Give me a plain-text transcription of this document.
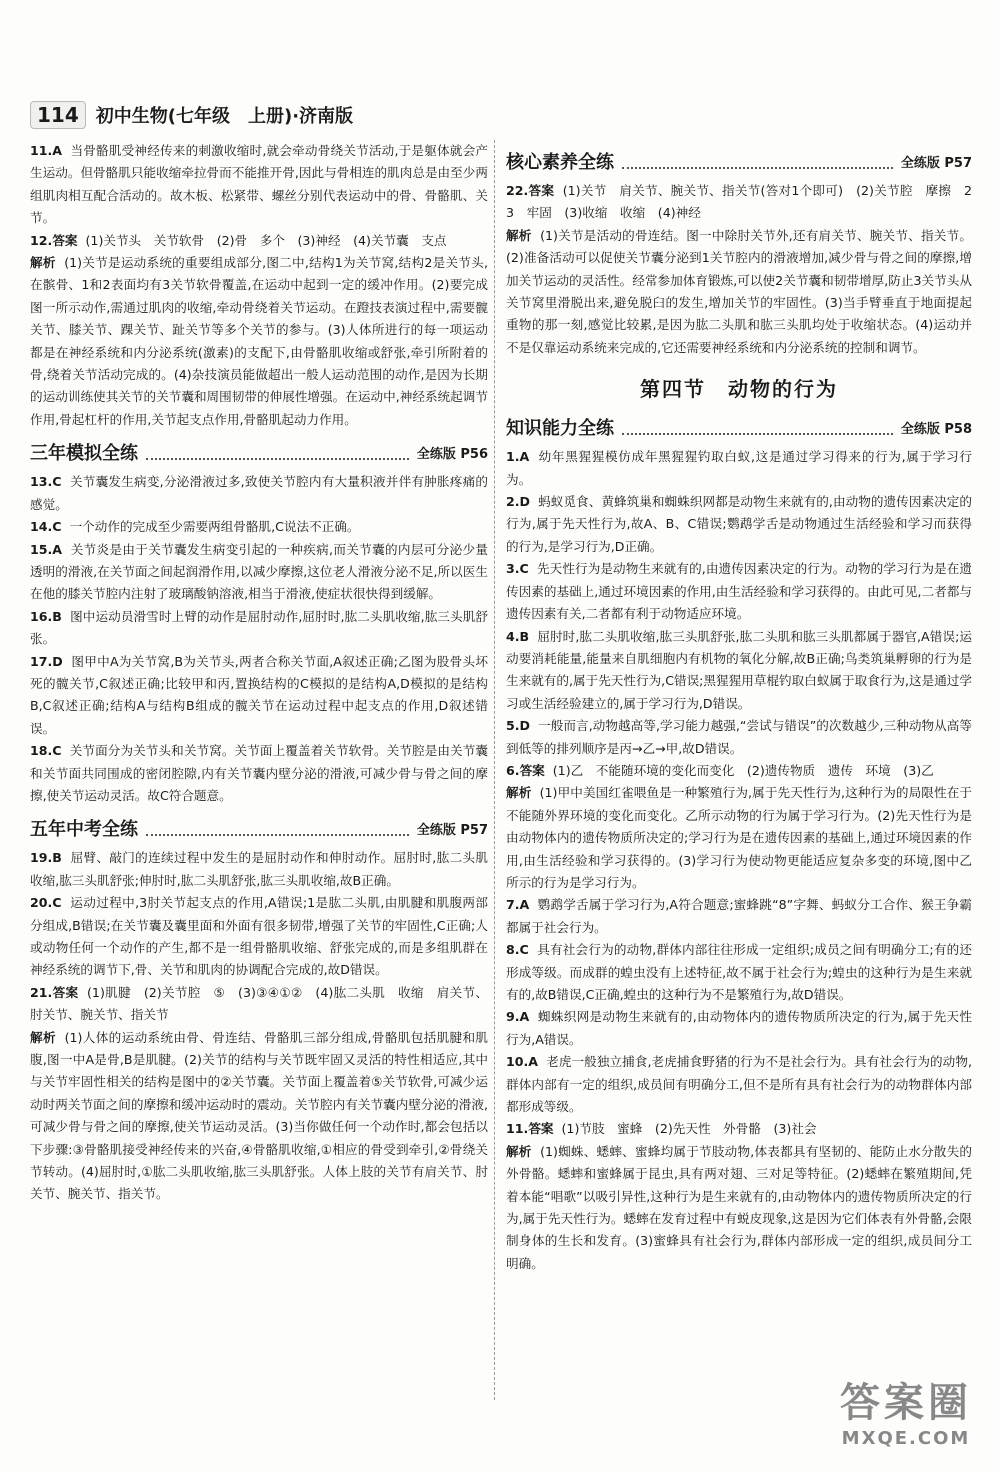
114 初中生物(七年级　上册)·济南版

11.A 当骨骼肌受神经传来的刺激收缩时,就会牵动骨绕关节活动,于是躯体就会产生运动。但骨骼肌只能收缩牵拉骨而不能推开骨,因此与骨相连的肌肉总是由至少两组肌肉相互配合活动的。故木板、松紧带、螺丝分别代表运动中的骨、骨骼肌、关节。

12.答案 (1)关节头　关节软骨　(2)骨　多个　(3)神经　(4)关节囊　支点

解析 (1)关节是运动系统的重要组成部分,图二中,结构1为关节窝,结构2是关节头,在髌骨、1和2表面均有3关节软骨覆盖,在运动中起到一定的缓冲作用。(2)要完成图一所示动作,需通过肌肉的收缩,牵动骨绕着关节运动。在蹬技表演过程中,需要髋关节、膝关节、踝关节、趾关节等多个关节的参与。(3)人体所进行的每一项运动都是在神经系统和内分泌系统(激素)的支配下,由骨骼肌收缩或舒张,牵引所附着的骨,绕着关节活动完成的。(4)杂技演员能做超出一般人运动范围的动作,是因为长期的运动训练使其关节的关节囊和周围韧带的伸展性增强。在运动中,神经系统起调节作用,骨起杠杆的作用,关节起支点作用,骨骼肌起动力作用。

三年模拟全练	全练版 P56

13.C 关节囊发生病变,分泌滑液过多,致使关节腔内有大量积液并伴有肿胀疼痛的感觉。

14.C 一个动作的完成至少需要两组骨骼肌,C说法不正确。

15.A 关节炎是由于关节囊发生病变引起的一种疾病,而关节囊的内层可分泌少量透明的滑液,在关节面之间起润滑作用,以减少摩擦,这位老人滑液分泌不足,所以医生在他的膝关节腔内注射了玻璃酸钠溶液,相当于滑液,使症状很快得到缓解。

16.B 图中运动员滑雪时上臂的动作是屈肘动作,屈肘时,肱二头肌收缩,肱三头肌舒张。

17.D 图甲中A为关节窝,B为关节头,两者合称关节面,A叙述正确;乙图为股骨头坏死的髋关节,C叙述正确;比较甲和丙,置换结构的C模拟的是结构A,D模拟的是结构B,C叙述正确;结构A与结构B组成的髋关节在运动过程中起支点的作用,D叙述错误。

18.C 关节面分为关节头和关节窝。关节面上覆盖着关节软骨。关节腔是由关节囊和关节面共同围成的密闭腔隙,内有关节囊内壁分泌的滑液,可减少骨与骨之间的摩擦,使关节运动灵活。故C符合题意。

五年中考全练	全练版 P57

19.B 屈臂、敲门的连续过程中发生的是屈肘动作和伸肘动作。屈肘时,肱二头肌收缩,肱三头肌舒张;伸肘时,肱二头肌舒张,肱三头肌收缩,故B正确。

20.C 运动过程中,3肘关节起支点的作用,A错误;1是肱二头肌,由肌腱和肌腹两部分组成,B错误;在关节囊及囊里面和外面有很多韧带,增强了关节的牢固性,C正确;人或动物任何一个动作的产生,都不是一组骨骼肌收缩、舒张完成的,而是多组肌群在神经系统的调节下,骨、关节和肌肉的协调配合完成的,故D错误。

21.答案 (1)肌腱　(2)关节腔　⑤　(3)③④①②　(4)肱二头肌　收缩　肩关节、肘关节、腕关节、指关节

解析 (1)人体的运动系统由骨、骨连结、骨骼肌三部分组成,骨骼肌包括肌腱和肌腹,图一中A是骨,B是肌腱。(2)关节的结构与关节既牢固又灵活的特性相适应,其中与关节牢固性相关的结构是图中的②关节囊。关节面上覆盖着⑤关节软骨,可减少运动时两关节面之间的摩擦和缓冲运动时的震动。关节腔内有关节囊内壁分泌的滑液,可减少骨与骨之间的摩擦,使关节运动灵活。(3)当你做任何一个动作时,都会包括以下步骤:③骨骼肌接受神经传来的兴奋,④骨骼肌收缩,①相应的骨受到牵引,②骨绕关节转动。(4)屈肘时,①肱二头肌收缩,肱三头肌舒张。人体上肢的关节有肩关节、肘关节、腕关节、指关节。

核心素养全练	全练版 P57

22.答案 (1)关节　肩关节、腕关节、指关节(答对1个即可)　(2)关节腔　摩擦　2　3　牢固　(3)收缩　收缩　(4)神经

解析 (1)关节是活动的骨连结。图一中除肘关节外,还有肩关节、腕关节、指关节。(2)准备活动可以促使关节囊分泌到1关节腔内的滑液增加,减少骨与骨之间的摩擦,增加关节运动的灵活性。经常参加体育锻炼,可以使2关节囊和韧带增厚,防止3关节头从关节窝里滑脱出来,避免脱臼的发生,增加关节的牢固性。(3)当手臂垂直于地面提起重物的那一刻,感觉比较累,是因为肱二头肌和肱三头肌均处于收缩状态。(4)运动并不是仅靠运动系统来完成的,它还需要神经系统和内分泌系统的控制和调节。

第四节　动物的行为
知识能力全练	全练版 P58

1.A 幼年黑猩猩模仿成年黑猩猩钓取白蚁,这是通过学习得来的行为,属于学习行为。

2.D 蚂蚁觅食、黄蜂筑巢和蜘蛛织网都是动物生来就有的,由动物的遗传因素决定的行为,属于先天性行为,故A、B、C错误;鹦鹉学舌是动物通过生活经验和学习而获得的行为,是学习行为,D正确。

3.C 先天性行为是动物生来就有的,由遗传因素决定的行为。动物的学习行为是在遗传因素的基础上,通过环境因素的作用,由生活经验和学习获得的。由此可见,二者都与遗传因素有关,二者都有利于动物适应环境。

4.B 屈肘时,肱二头肌收缩,肱三头肌舒张,肱二头肌和肱三头肌都属于器官,A错误;运动要消耗能量,能量来自肌细胞内有机物的氧化分解,故B正确;鸟类筑巢孵卵的行为是生来就有的,属于先天性行为,C错误;黑猩猩用草棍钓取白蚁属于取食行为,这是通过学习或生活经验建立的,属于学习行为,D错误。

5.D 一般而言,动物越高等,学习能力越强,“尝试与错误”的次数越少,三种动物从高等到低等的排列顺序是丙→乙→甲,故D错误。

6.答案 (1)乙　不能随环境的变化而变化　(2)遗传物质　遗传　环境　(3)乙

解析 (1)甲中美国红雀喂鱼是一种繁殖行为,属于先天性行为,这种行为的局限性在于不能随外界环境的变化而变化。乙所示动物的行为属于学习行为。(2)先天性行为是由动物体内的遗传物质所决定的;学习行为是在遗传因素的基础上,通过环境因素的作用,由生活经验和学习获得的。(3)学习行为使动物更能适应复杂多变的环境,图中乙所示的行为是学习行为。

7.A 鹦鹉学舌属于学习行为,A符合题意;蜜蜂跳“8”字舞、蚂蚁分工合作、猴王争霸都属于社会行为。

8.C 具有社会行为的动物,群体内部往往形成一定组织;成员之间有明确分工;有的还形成等级。而成群的蝗虫没有上述特征,故不属于社会行为;蝗虫的这种行为是生来就有的,故B错误,C正确,蝗虫的这种行为不是繁殖行为,故D错误。

9.A 蜘蛛织网是动物生来就有的,由动物体内的遗传物质所决定的行为,属于先天性行为,A错误。

10.A 老虎一般独立捕食,老虎捕食野猪的行为不是社会行为。具有社会行为的动物,群体内部有一定的组织,成员间有明确分工,但不是所有具有社会行为的动物群体内部都形成等级。

11.答案 (1)节肢　蜜蜂　(2)先天性　外骨骼　(3)社会

解析 (1)蜘蛛、蟋蟀、蜜蜂均属于节肢动物,体表都具有坚韧的、能防止水分散失的外骨骼。蟋蟀和蜜蜂属于昆虫,具有两对翅、三对足等特征。(2)蟋蟀在繁殖期间,凭着本能“唱歌”以吸引异性,这种行为是生来就有的,由动物体内的遗传物质所决定的行为,属于先天性行为。蟋蟀在发育过程中有蜕皮现象,这是因为它们体表有外骨骼,会限制身体的生长和发育。(3)蜜蜂具有社会行为,群体内部形成一定的组织,成员间分工明确。

答案圈
MXQE.COM
